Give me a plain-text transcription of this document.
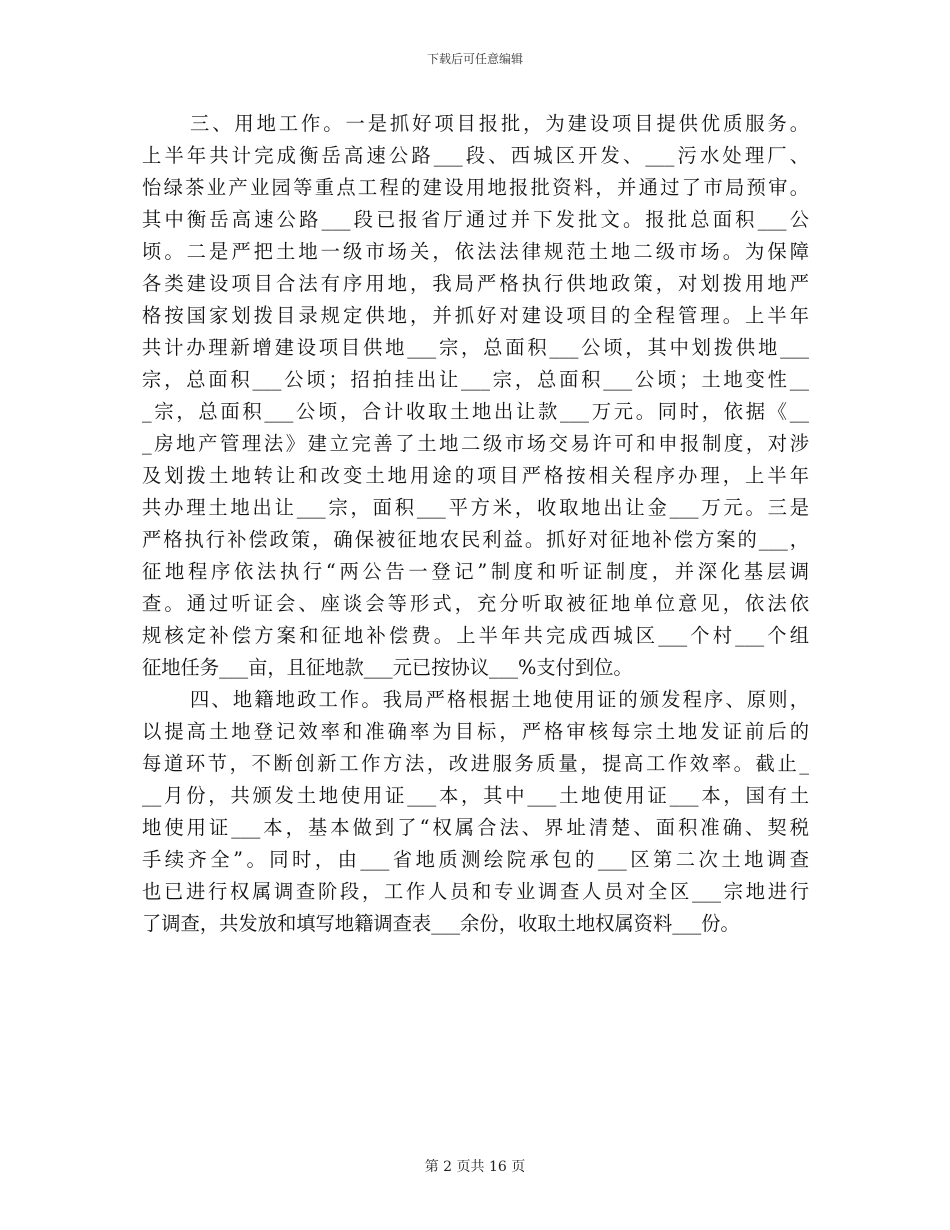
下载后可任意编辑
三、用地工作。一是抓好项目报批，为建设项目提供优质服务。
上半年共计完成衡岳高速公路___段、西城区开发、___污水处理厂、
怡绿茶业产业园等重点工程的建设用地报批资料，并通过了市局预审。
其中衡岳高速公路___段已报省厅通过并下发批文。报批总面积___公
顷。二是严把土地一级市场关，依法法律规范土地二级市场。为保障
各类建设项目合法有序用地，我局严格执行供地政策，对划拨用地严
格按国家划拨目录规定供地，并抓好对建设项目的全程管理。上半年
共计办理新增建设项目供地___宗，总面积___公顷，其中划拨供地___
宗，总面积___公顷；招拍挂出让___宗，总面积___公顷；土地变性__
_宗，总面积___公顷，合计收取土地出让款___万元。同时，依据《__
_房地产管理法》建立完善了土地二级市场交易许可和申报制度，对涉
及划拨土地转让和改变土地用途的项目严格按相关程序办理，上半年
共办理土地出让___宗，面积___平方米，收取地出让金___万元。三是
严格执行补偿政策，确保被征地农民利益。抓好对征地补偿方案的___，
征地程序依法执行“两公告一登记”制度和听证制度，并深化基层调
查。通过听证会、座谈会等形式，充分听取被征地单位意见，依法依
规核定补偿方案和征地补偿费。上半年共完成西城区___个村___个组
征地任务___亩，且征地款___元已按协议___%支付到位。
四、地籍地政工作。我局严格根据土地使用证的颁发程序、原则，
以提高土地登记效率和准确率为目标，严格审核每宗土地发证前后的
每道环节，不断创新工作方法，改进服务质量，提高工作效率。截止_
__月份，共颁发土地使用证___本，其中___土地使用证___本，国有土
地使用证___本，基本做到了“权属合法、界址清楚、面积准确、契税
手续齐全”。同时，由___省地质测绘院承包的___区第二次土地调查
也已进行权属调查阶段，工作人员和专业调查人员对全区___宗地进行
了调查，共发放和填写地籍调查表___余份，收取土地权属资料___份。
第 2 页共 16 页
